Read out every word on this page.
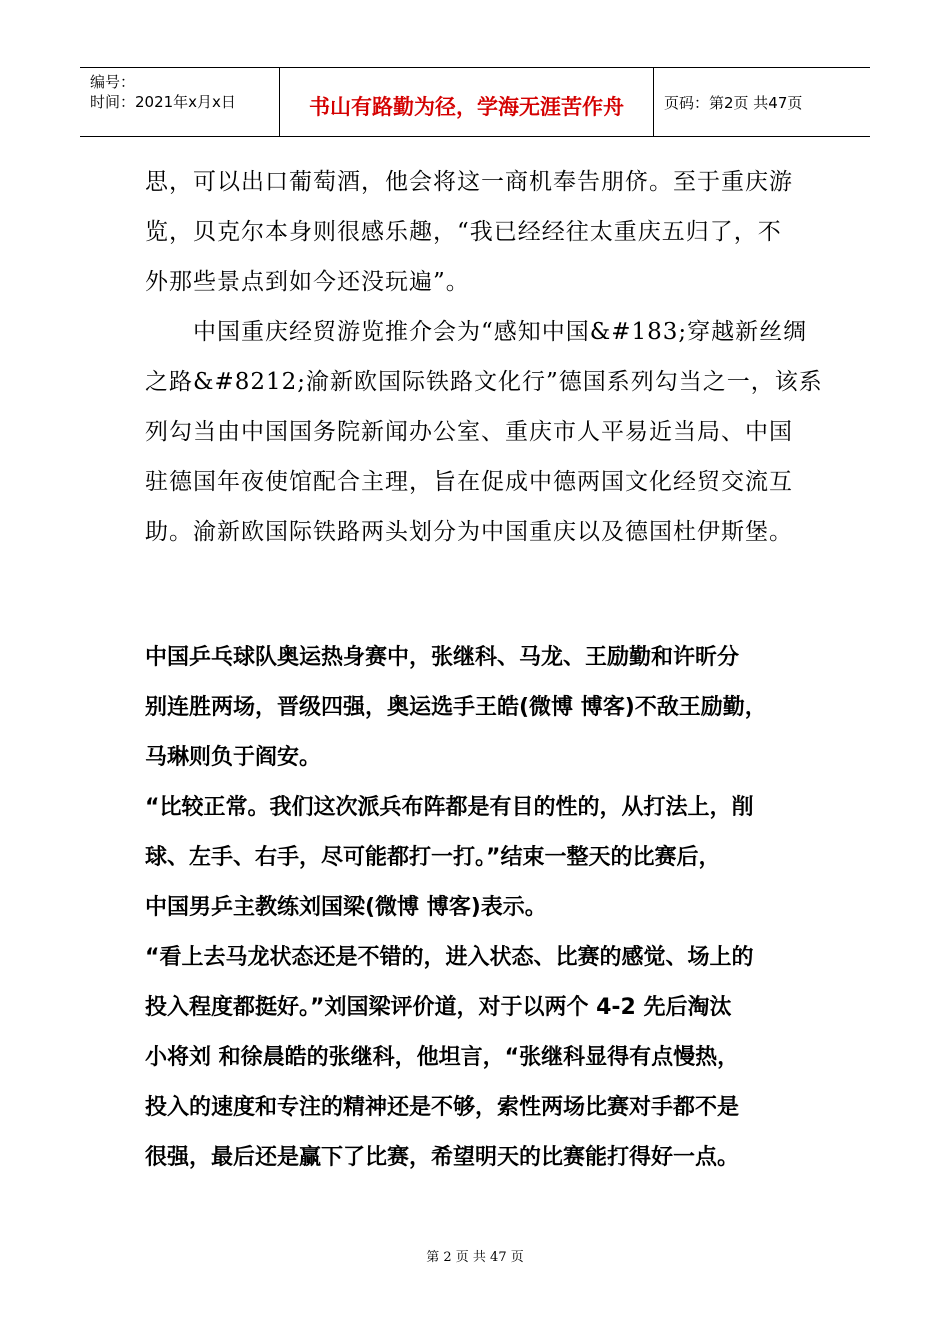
编号：
时间：2021年x月x日	书山有路勤为径，学海无涯苦作舟	页码：第2页 共47页
思，可以出口葡萄酒，他会将这一商机奉告朋侪。至于重庆游
览，贝克尔本身则很感乐趣，“我已经经往太重庆五归了，不
外那些景点到如今还没玩遍”。
　　中国重庆经贸游览推介会为“感知中国&#183;穿越新丝绸
之路&#8212;渝新欧国际铁路文化行”德国系列勾当之一，该系
列勾当由中国国务院新闻办公室、重庆市人平易近当局、中国
驻德国年夜使馆配合主理，旨在促成中德两国文化经贸交流互
助。渝新欧国际铁路两头划分为中国重庆以及德国杜伊斯堡。
中国乒乓球队奥运热身赛中，张继科、马龙、王励勤和许昕分
别连胜两场，晋级四强，奥运选手王皓(微博 博客)不敌王励勤，
马琳则负于阎安。
“比较正常。我们这次派兵布阵都是有目的性的，从打法上，削
球、左手、右手，尽可能都打一打。”结束一整天的比赛后，
中国男乒主教练刘国梁(微博 博客)表示。
“看上去马龙状态还是不错的，进入状态、比赛的感觉、场上的
投入程度都挺好。”刘国梁评价道，对于以两个 4-2 先后淘汰
小将刘 和徐晨皓的张继科，他坦言，“张继科显得有点慢热，
投入的速度和专注的精神还是不够，索性两场比赛对手都不是
很强，最后还是赢下了比赛，希望明天的比赛能打得好一点。
第 2 页 共 47 页
